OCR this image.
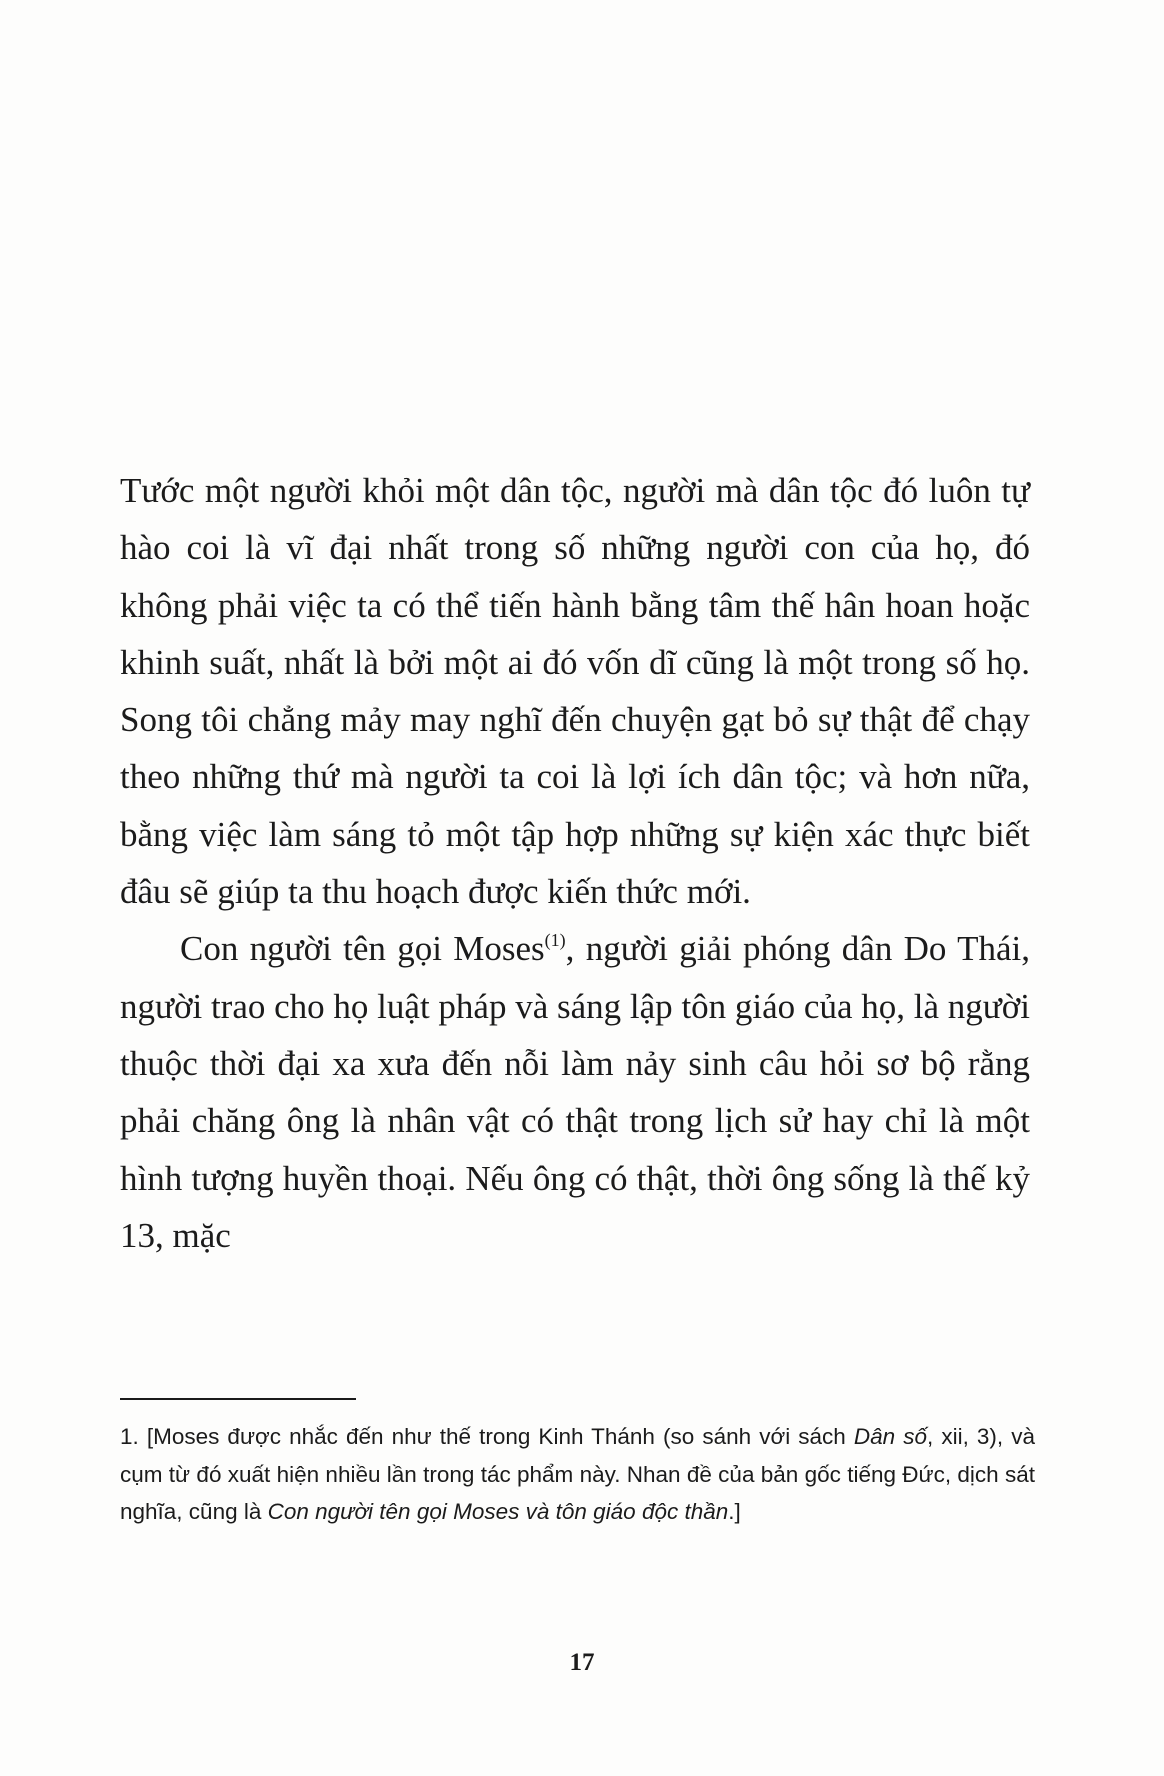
Tước một người khỏi một dân tộc, người mà dân tộc đó luôn tự hào coi là vĩ đại nhất trong số những người con của họ, đó không phải việc ta có thể tiến hành bằng tâm thế hân hoan hoặc khinh suất, nhất là bởi một ai đó vốn dĩ cũng là một trong số họ. Song tôi chẳng mảy may nghĩ đến chuyện gạt bỏ sự thật để chạy theo những thứ mà người ta coi là lợi ích dân tộc; và hơn nữa, bằng việc làm sáng tỏ một tập hợp những sự kiện xác thực biết đâu sẽ giúp ta thu hoạch được kiến thức mới.

Con người tên gọi Moses$^{(1)}$, người giải phóng dân Do Thái, người trao cho họ luật pháp và sáng lập tôn giáo của họ, là người thuộc thời đại xa xưa đến nỗi làm nảy sinh câu hỏi sơ bộ rằng phải chăng ông là nhân vật có thật trong lịch sử hay chỉ là một hình tượng huyền thoại. Nếu ông có thật, thời ông sống là thế kỷ 13, mặc

1. [Moses được nhắc đến như thế trong Kinh Thánh (so sánh với sách Dân số, xii, 3), và cụm từ đó xuất hiện nhiều lần trong tác phẩm này. Nhan đề của bản gốc tiếng Đức, dịch sát nghĩa, cũng là Con người tên gọi Moses và tôn giáo độc thần.]

17
